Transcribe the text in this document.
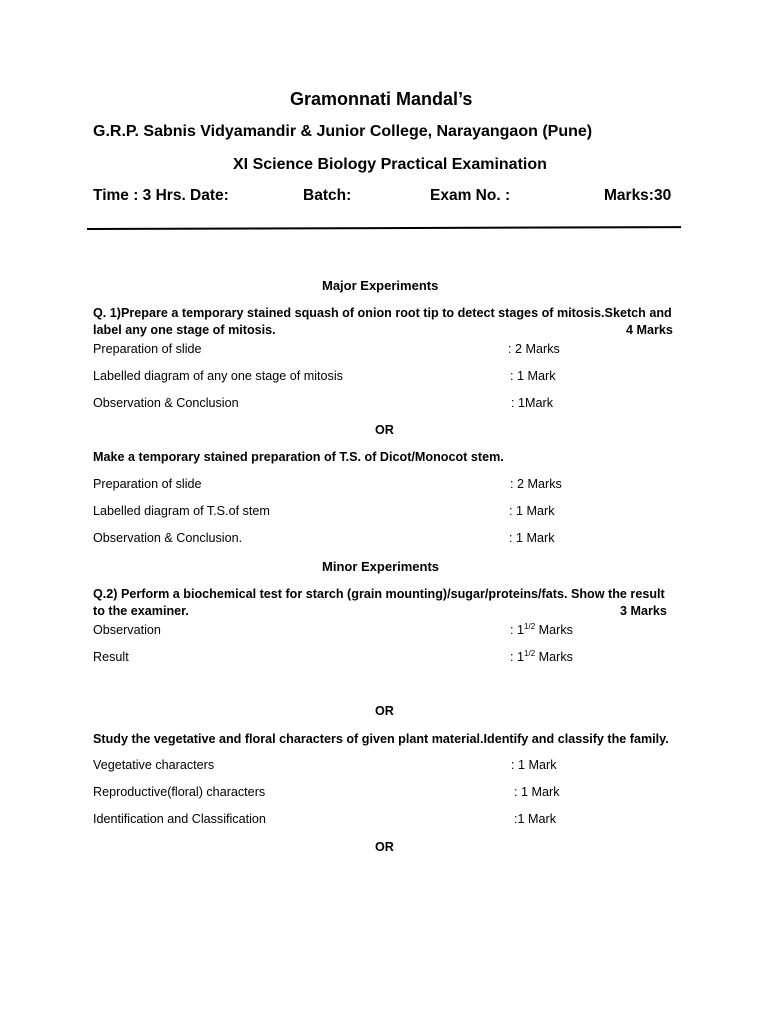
Gramonnati Mandal’s
G.R.P. Sabnis Vidyamandir & Junior College, Narayangaon (Pune)
XI Science Biology Practical Examination
Time : 3 Hrs. Date:	Batch:	Exam No. :	Marks:30
Major Experiments
Q. 1)Prepare a temporary stained squash of onion root tip to detect stages of mitosis.Sketch and
label any one stage of mitosis.	4 Marks
Preparation of slide	: 2 Marks
Labelled diagram of any one stage of mitosis	: 1 Mark
Observation & Conclusion	: 1Mark
OR
Make a temporary stained preparation of T.S. of Dicot/Monocot stem.
Preparation of slide	: 2 Marks
Labelled diagram of T.S.of stem	: 1 Mark
Observation & Conclusion.	: 1 Mark
Minor Experiments
Q.2) Perform a biochemical test for starch (grain mounting)/sugar/proteins/fats. Show the result
to the examiner.	3 Marks
Observation	: $1^{1/2}$ Marks
Result	: $1^{1/2}$ Marks
OR
Study the vegetative and floral characters of given plant material.Identify and classify the family.
Vegetative characters	: 1 Mark
Reproductive(floral) characters	: 1 Mark
Identification and Classification	:1 Mark
OR
